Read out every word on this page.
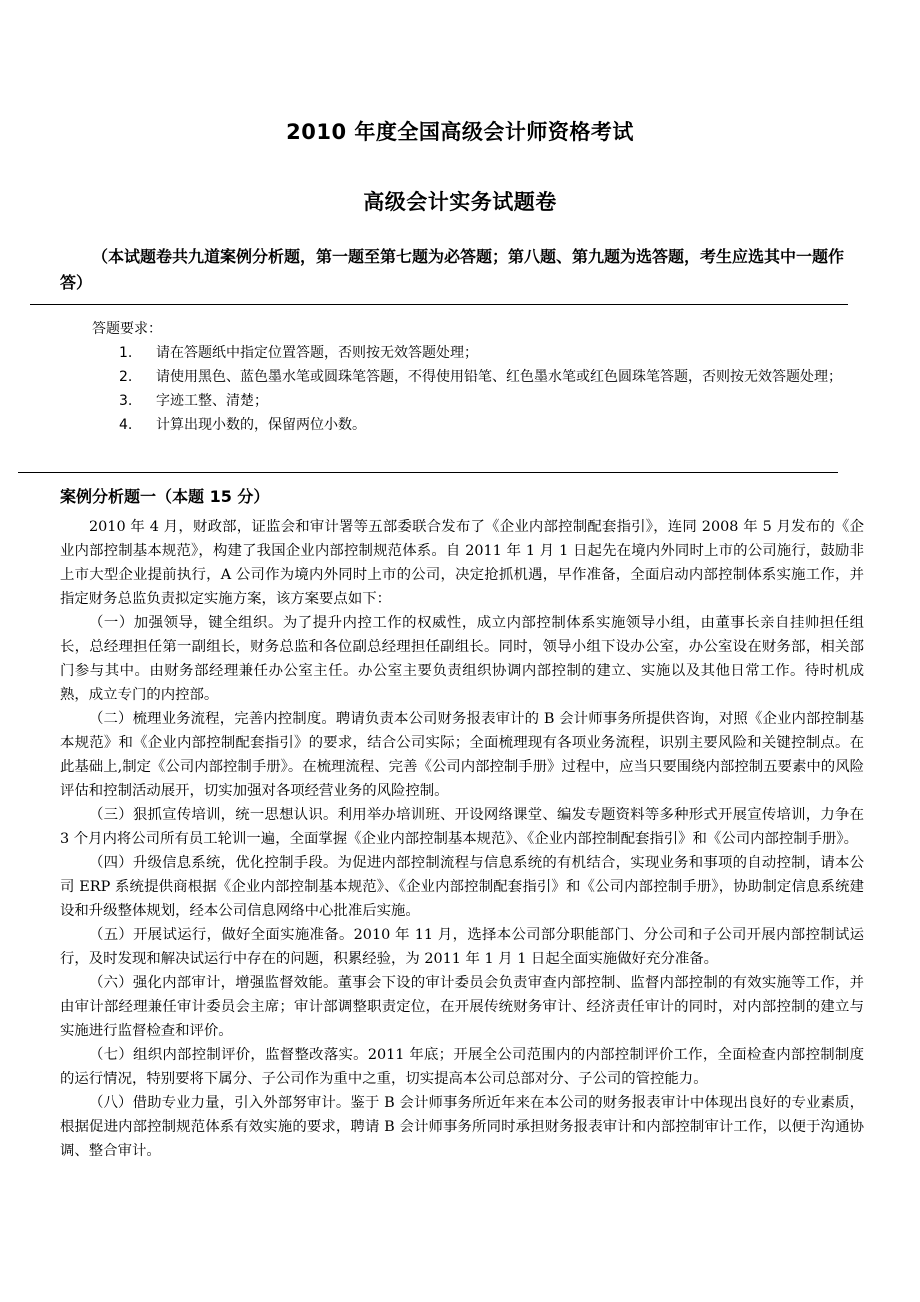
2010 年度全国高级会计师资格考试
高级会计实务试题卷
（本试题卷共九道案例分析题，第一题至第七题为必答题；第八题、第九题为选答题，考生应选其中一题作答）
答题要求：
1. 请在答题纸中指定位置答题，否则按无效答题处理；
2. 请使用黑色、蓝色墨水笔或圆珠笔答题，不得使用铅笔、红色墨水笔或红色圆珠笔答题，否则按无效答题处理；
3. 字迹工整、清楚；
4. 计算出现小数的，保留两位小数。
案例分析题一（本题 15 分）

2010 年 4 月，财政部，证监会和审计署等五部委联合发布了《企业内部控制配套指引》，连同 2008 年 5 月发布的《企业内部控制基本规范》，构建了我国企业内部控制规范体系。自 2011 年 1 月 1 日起先在境内外同时上市的公司施行，鼓励非上市大型企业提前执行，A 公司作为境内外同时上市的公司，决定抢抓机遇，早作准备，全面启动内部控制体系实施工作，并指定财务总监负责拟定实施方案，该方案要点如下：

（一）加强领导，键全组织。为了提升内控工作的权威性，成立内部控制体系实施领导小组，由董事长亲自挂帅担任组长，总经理担任第一副组长，财务总监和各位副总经理担任副组长。同时，领导小组下设办公室，办公室设在财务部，相关部门参与其中。由财务部经理兼任办公室主任。办公室主要负责组织协调内部控制的建立、实施以及其他日常工作。待时机成熟，成立专门的内控部。

（二）梳理业务流程，完善内控制度。聘请负责本公司财务报表审计的 B 会计师事务所提供咨询，对照《企业内部控制基本规范》和《企业内部控制配套指引》的要求，结合公司实际；全面梳理现有各项业务流程，识别主要风险和关键控制点。在此基础上,制定《公司内部控制手册》。在梳理流程、完善《公司内部控制手册》过程中，应当只要围绕内部控制五要素中的风险评估和控制活动展开，切实加强对各项经营业务的风险控制。

（三）狠抓宣传培训，统一思想认识。利用举办培训班、开设网络课堂、编发专题资料等多种形式开展宣传培训，力争在 3 个月内将公司所有员工轮训一遍，全面掌握《企业内部控制基本规范》、《企业内部控制配套指引》和《公司内部控制手册》。

（四）升级信息系统，优化控制手段。为促进内部控制流程与信息系统的有机结合，实现业务和事项的自动控制，请本公司 ERP 系统提供商根据《企业内部控制基本规范》、《企业内部控制配套指引》和《公司内部控制手册》，协助制定信息系统建设和升级整体规划，经本公司信息网络中心批准后实施。

（五）开展试运行，做好全面实施准备。2010 年 11 月，选择本公司部分职能部门、分公司和子公司开展内部控制试运行，及时发现和解决试运行中存在的问题，积累经验，为 2011 年 1 月 1 日起全面实施做好充分准备。

（六）强化内部审计，增强监督效能。董事会下设的审计委员会负责审查内部控制、监督内部控制的有效实施等工作，并由审计部经理兼任审计委员会主席；审计部调整职责定位，在开展传统财务审计、经济责任审计的同时，对内部控制的建立与实施进行监督检查和评价。

（七）组织内部控制评价，监督整改落实。2011 年底；开展全公司范围内的内部控制评价工作，全面检查内部控制制度的运行情况，特别要将下属分、子公司作为重中之重，切实提高本公司总部对分、子公司的管控能力。

（八）借助专业力量，引入外部努审计。鉴于 B 会计师事务所近年来在本公司的财务报表审计中体现出良好的专业素质，根据促进内部控制规范体系有效实施的要求，聘请 B 会计师事务所同时承担财务报表审计和内部控制审计工作，以便于沟通协调、整合审计。
